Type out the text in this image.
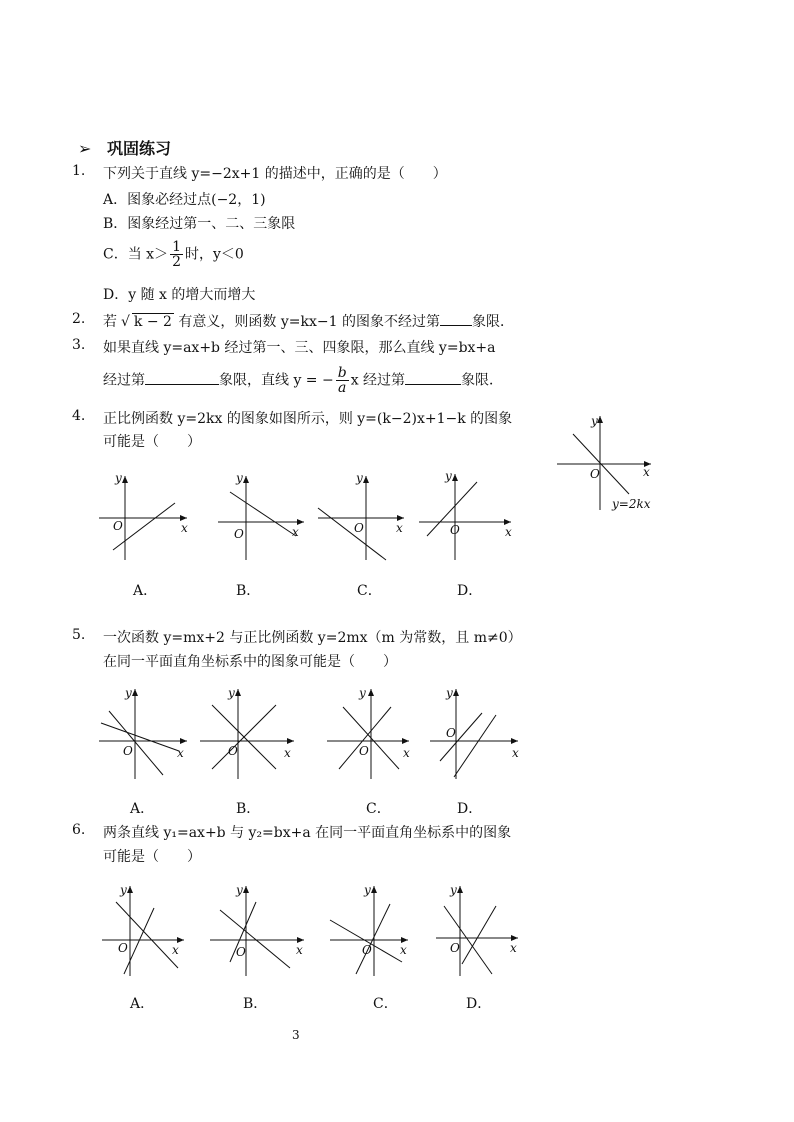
➢ 巩固练习
1.	下列关于直线 y=−2x+1 的描述中，正确的是（　　）
A．图象必经过点(−2，1)
B．图象经过第一、二、三象限
C．当 $x> \frac{1}{2}$ 时，y＜0
D．y 随 x 的增大而增大
2.	若 √ k − 2 有意义，则函数 y=kx−1 的图象不经过第 象限．
3.	如果直线 y=ax+b 经过第一、三、四象限，那么直线 y=bx+a
经过第	象限，直线 y = − $\frac{b}{a}$ x 经过第	象限．
4.	正比例函数 y=2kx 的图象如图所示，则 y=(k−2)x+1−k 的图象
可能是（　　）
y
x
O
y=2kx
y
x
O
y
x
O
y
x
O
y
x
O
A．	B．	C．	D．
5.	一次函数 y=mx+2 与正比例函数 y=2mx（m 为常数，且 m≠0）
在同一平面直角坐标系中的图象可能是（　　）
y
x
O
y
x
O
y
x
O
y
x
O
A．	B．	C．	D．
6.	两条直线 y₁=ax+b 与 y₂=bx+a 在同一平面直角坐标系中的图象
可能是（　　）
y
x
O
y
x
O
y
x
O
y
x
O
A．	B．	C．	D．
3
